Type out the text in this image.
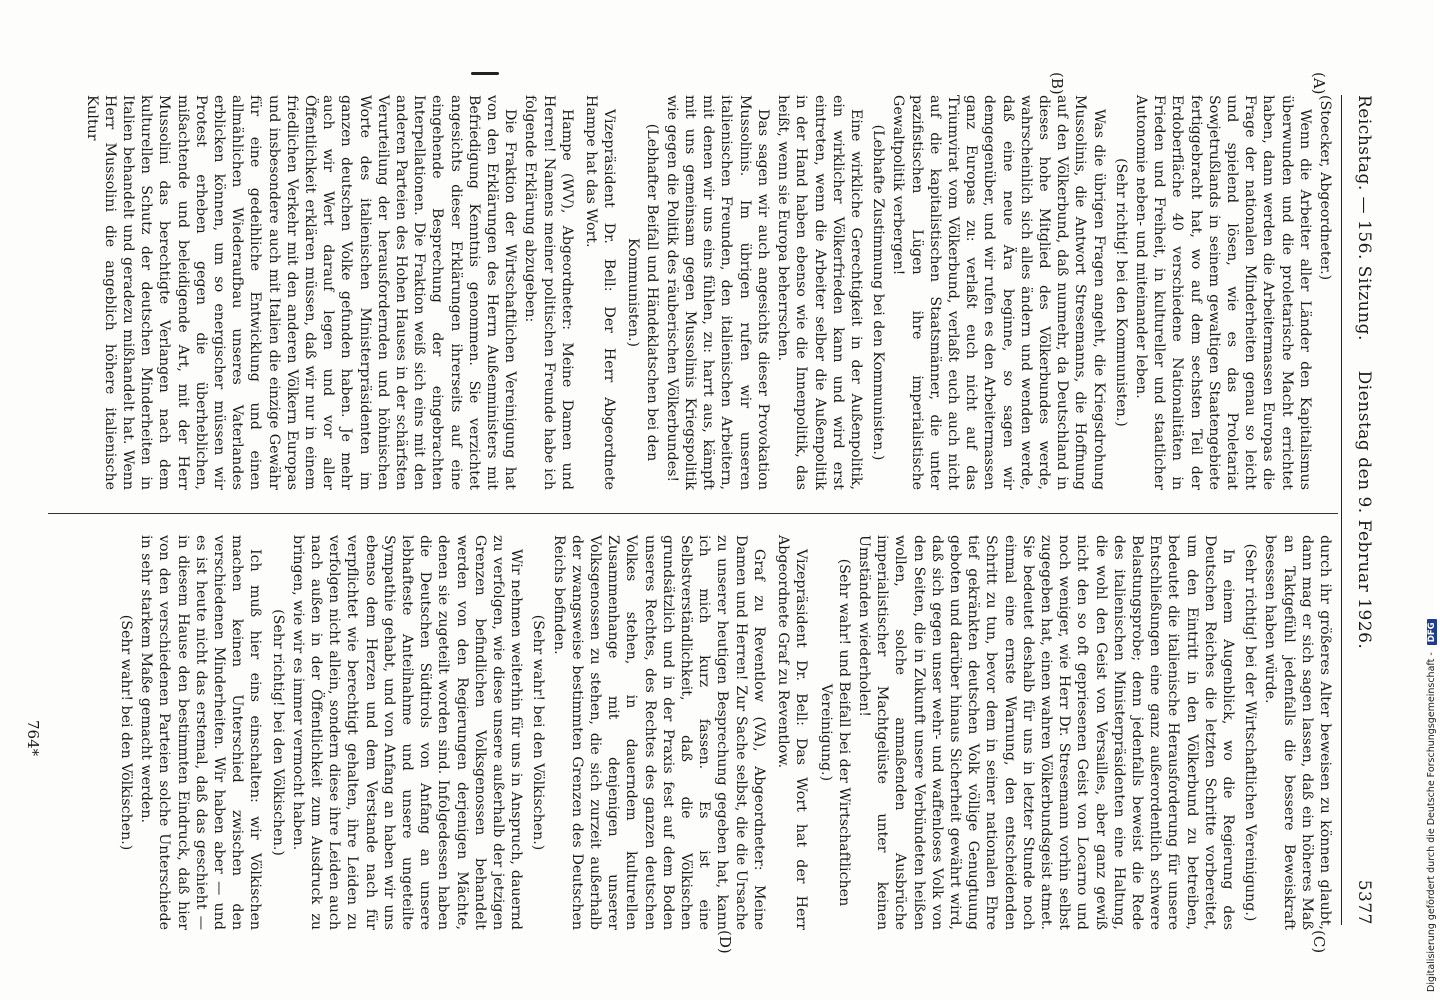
Reichstag. — 156. Sitzung.
Dienstag den 9. Februar 1926.
5377
(A)
(B)
(C)
(D)

(Stoecker, Abgeordneter.)

Wenn die Arbeiter aller Länder den Kapitalismus überwunden und die proletarische Macht errichtet haben, dann werden die Arbeitermassen Europas die Frage der nationalen Minderheiten genau so leicht und spielend lösen, wie es das Proletariat Sowjetrußlands in seinem gewaltigen Staatengebiete fertiggebracht hat, wo auf dem sechsten Teil der Erdoberfläche 40 verschiedene Nationalitäten in Frieden und Freiheit, in kultureller und staatlicher Autonomie neben- und miteinander leben.

(Sehr richtig! bei den Kommunisten.)

Was die übrigen Fragen angeht, die Kriegsdrohung Mussolinis, die Antwort Stresemanns, die Hoffnung auf den Völkerbund, daß nunmehr, da Deutschland in dieses hohe Mitglied des Völkerbundes werde, wahrscheinlich sich alles ändern und wenden werde, daß eine neue Ära beginne, so sagen wir demgegenüber, und wir rufen es den Arbeitermassen ganz Europas zu: verlaßt euch nicht auf das Triumvirat vom Völkerbund, verlaßt euch auch nicht auf die kapitalistischen Staatsmänner, die unter pazifistischen Lügen ihre imperialistische Gewaltpolitik verbergen!

(Lebhafte Zustimmung bei den Kommunisten.)

Eine wirkliche Gerechtigkeit in der Außenpolitik, ein wirklicher Völkerfrieden kann und wird erst eintreten, wenn die Arbeiter selber die Außenpolitik in der Hand haben ebenso wie die Innenpolitik, das heißt, wenn sie Europa beherrschen.

Das sagen wir auch angesichts dieser Provokation Mussolinis. Im übrigen rufen wir unseren italienischen Freunden, den italienischen Arbeitern, mit denen wir uns eins fühlen, zu: harrt aus, kämpft mit uns gemeinsam gegen Mussolinis Kriegspolitik wie gegen die Politik des räuberischen Völkerbundes!

(Lebhafter Beifall und Händeklatschen bei den Kommunisten.)

Vizepräsident Dr. Bell: Der Herr Abgeordnete Hampe hat das Wort.

Hampe (WV), Abgeordneter: Meine Damen und Herren! Namens meiner politischen Freunde habe ich folgende Erklärung abzugeben:

Die Fraktion der Wirtschaftlichen Vereinigung hat von den Erklärungen des Herrn Außenministers mit Befriedigung Kenntnis genommen. Sie verzichtet angesichts dieser Erklärungen ihrerseits auf eine eingehende Besprechung der eingebrachten Interpellationen. Die Fraktion weiß sich eins mit den anderen Parteien des Hohen Hauses in der schärfsten Verurteilung der herausfordernden und höhnischen Worte des italienischen Ministerpräsidenten im ganzen deutschen Volke gefunden haben. Je mehr auch wir Wert darauf legen und vor aller Öffentlichkeit erklären müssen, daß wir nur in einem friedlichen Verkehr mit den anderen Völkern Europas und insbesondere auch mit Italien die einzige Gewähr für eine gedeihliche Entwicklung und einen allmählichen Wiederaufbau unseres Vaterlandes erblicken können, um so energischer müssen wir Protest erheben gegen die überheblichen, mißachtende und beleidigende Art, mit der Herr Mussolini das berechtigte Verlangen nach dem kulturellen Schutz der deutschen Minderheiten in Italien behandelt und geradezu mißhandelt hat. Wenn Herr Mussolini die angeblich höhere italienische Kultur

durch ihr größeres Alter beweisen zu können glaubt, dann mag er sich sagen lassen, daß ein höheres Maß an Taktgefühl jedenfalls die bessere Beweiskraft besessen haben würde.

(Sehr richtig! bei der Wirtschaftlichen Vereinigung.)

In einem Augenblick, wo die Regierung des Deutschen Reiches die letzten Schritte vorbereitet, um den Eintritt in den Völkerbund zu betreiben, bedeutet die italienische Herausforderung für unsere Entschließungen eine ganz außerordentlich schwere Belastungsprobe; denn jedenfalls beweist die Rede des italienischen Ministerpräsidenten eine Haltung, die wohl den Geist von Versailles, aber ganz gewiß nicht den so oft gepriesenen Geist von Locarno und noch weniger, wie Herr Dr. Stresemann vorhin selbst zugegeben hat, einen wahren Völkerbundsgeist atmet. Sie bedeutet deshalb für uns in letzter Stunde noch einmal eine ernste Warnung, den entscheidenden Schritt zu tun, bevor dem in seiner nationalen Ehre tief gekränkten deutschen Volk völlige Genugtuung geboten und darüber hinaus Sicherheit gewährt wird, daß sich gegen unser wehr- und waffenloses Volk von den Seiten, die in Zukunft unsere Verbündeten heißen wollen, solche anmaßenden Ausbrüche imperialistischer Machtgelüste unter keinen Umständen wiederholen!

(Sehr wahr! und Beifall bei der Wirtschaftlichen Vereinigung.)

Vizepräsident Dr. Bell: Das Wort hat der Herr Abgeordnete Graf zu Reventlow.

Graf zu Reventlow (VA), Abgeordneter: Meine Damen und Herren! Zur Sache selbst, die die Ursache zu unserer heutigen Besprechung gegeben hat, kann ich mich kurz fassen. Es ist eine Selbstverständlichkeit, daß die Völkischen grundsätzlich und in der Praxis fest auf dem Boden unseres Rechtes, des Rechtes des ganzen deutschen Volkes stehen, in dauerndem kulturellen Zusammenhange mit denjenigen unserer Volksgenossen zu stehen, die sich zurzeit außerhalb der zwangsweise bestimmten Grenzen des Deutschen Reichs befinden.

(Sehr wahr! bei den Völkischen.)

Wir nehmen weiterhin für uns in Anspruch, dauernd zu verfolgen, wie diese unsere außerhalb der jetzigen Grenzen befindlichen Volksgenossen behandelt werden von den Regierungen derjenigen Mächte, denen sie zugeteilt worden sind. Infolgedessen haben die Deutschen Südtirols von Anfang an unsere lebhafteste Anteilnahme und unsere ungeteilte Sympathie gehabt, und von Anfang an haben wir uns ebenso dem Herzen und dem Verstande nach für verpflichtet wie berechtigt gehalten, ihre Leiden zu verfolgen nicht allein, sondern diese ihre Leiden auch nach außen in der Öffentlichkeit zum Ausdruck zu bringen, wie wir es immer vermocht haben.

(Sehr richtig! bei den Völkischen.)

Ich muß hier eins einschalten: wir Völkischen machen keinen Unterschied zwischen den verschiedenen Minderheiten. Wir haben aber — und es ist heute nicht das erstemal, daß das geschieht — in diesem Hause den bestimmten Eindruck, daß hier von den verschiedenen Parteien solche Unterschiede in sehr starkem Maße gemacht werden.

(Sehr wahr! bei den Völkischen.)

764*	Digitalisierung gefördert durch die Deutsche Forschungsgemeinschaft - DFG
